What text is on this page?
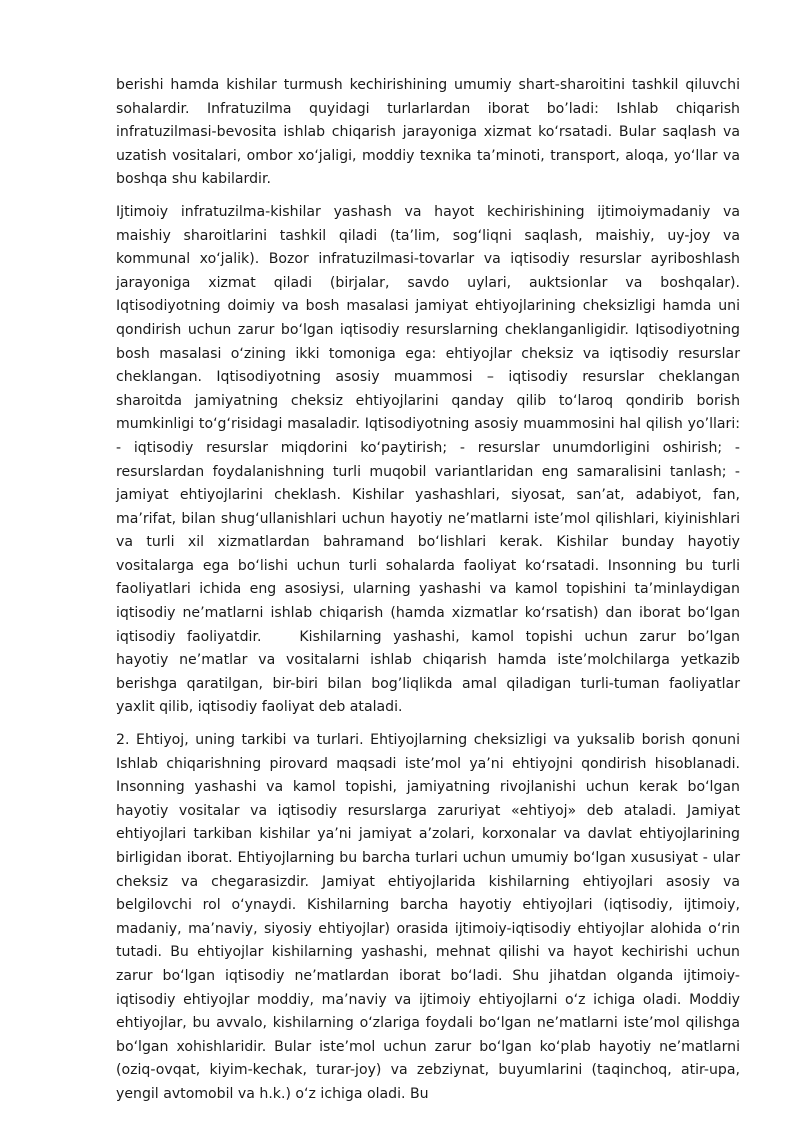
berishi hamda kishilar turmush kechirishining umumiy shart-sharoitini tashkil qiluvchi sohalardir. Infratuzilma quyidagi turlarlardan iborat bo’ladi: Ishlab chiqarish infratuzilmasi-bevosita ishlab chiqarish jarayoniga xizmat ko‘rsatadi. Bular saqlash va uzatish vositalari, ombor xo‘jaligi, moddiy texnika ta’minoti, transport, aloqa, yo‘llar va boshqa shu kabilardir.

Ijtimoiy infratuzilma-kishilar yashash va hayot kechirishining ijtimoiymadaniy va maishiy sharoitlarini tashkil qiladi (ta’lim, sog‘liqni saqlash, maishiy, uy-joy va kommunal xo‘jalik). Bozor infratuzilmasi-tovarlar va iqtisodiy resurslar ayriboshlash jarayoniga xizmat qiladi (birjalar, savdo uylari, auktsionlar va boshqalar). Iqtisodiyotning doimiy va bosh masalasi jamiyat ehtiyojlarining cheksizligi hamda uni qondirish uchun zarur bo‘lgan iqtisodiy resurslarning cheklanganligidir. Iqtisodiyotning bosh masalasi o‘zining ikki tomoniga ega: ehtiyojlar cheksiz va iqtisodiy resurslar cheklangan. Iqtisodiyotning asosiy muammosi – iqtisodiy resurslar cheklangan sharoitda jamiyatning cheksiz ehtiyojlarini qanday qilib to‘laroq qondirib borish mumkinligi to‘g‘risidagi masaladir. Iqtisodiyotning asosiy muammosini hal qilish yo’llari: - iqtisodiy resurslar miqdorini ko‘paytirish; - resurslar unumdorligini oshirish; - resurslardan foydalanishning turli muqobil variantlaridan eng samaralisini tanlash; - jamiyat ehtiyojlarini cheklash. Kishilar yashashlari, siyosat, san’at, adabiyot, fan, ma’rifat, bilan shug‘ullanishlari uchun hayotiy ne’matlarni iste’mol qilishlari, kiyinishlari va turli xil xizmatlardan bahramand bo‘lishlari kerak. Kishilar bunday hayotiy vositalarga ega bo‘lishi uchun turli sohalarda faoliyat ko‘rsatadi. Insonning bu turli faoliyatlari ichida eng asosiysi, ularning yashashi va kamol topishini ta’minlaydigan iqtisodiy ne’matlarni ishlab chiqarish (hamda xizmatlar ko‘rsatish) dan iborat bo‘lgan iqtisodiy faoliyatdir.	Kishilarning yashashi, kamol topishi uchun zarur bo’lgan hayotiy ne’matlar va vositalarni ishlab chiqarish hamda iste’molchilarga yetkazib berishga qaratilgan, bir-biri bilan bog’liqlikda amal qiladigan turli-tuman faoliyatlar yaxlit qilib, iqtisodiy faoliyat deb ataladi.

2. Ehtiyoj, uning tarkibi va turlari. Ehtiyojlarning cheksizligi va yuksalib borish qonuni Ishlab chiqarishning pirovard maqsadi iste’mol ya’ni ehtiyojni qondirish hisoblanadi. Insonning yashashi va kamol topishi, jamiyatning rivojlanishi uchun kerak bo‘lgan hayotiy vositalar va iqtisodiy resurslarga zaruriyat «ehtiyoj» deb ataladi. Jamiyat ehtiyojlari tarkiban kishilar ya’ni jamiyat a’zolari, korxonalar va davlat ehtiyojlarining birligidan iborat. Ehtiyojlarning bu barcha turlari uchun umumiy bo‘lgan xususiyat - ular cheksiz va chegarasizdir. Jamiyat ehtiyojlarida kishilarning ehtiyojlari asosiy va belgilovchi rol o‘ynaydi. Kishilarning barcha hayotiy ehtiyojlari (iqtisodiy, ijtimoiy, madaniy, ma’naviy, siyosiy ehtiyojlar) orasida ijtimoiy-iqtisodiy ehtiyojlar alohida o‘rin tutadi. Bu ehtiyojlar kishilarning yashashi, mehnat qilishi va hayot kechirishi uchun zarur bo‘lgan iqtisodiy ne’matlardan iborat bo‘ladi. Shu jihatdan olganda ijtimoiy-iqtisodiy ehtiyojlar moddiy, ma’naviy va ijtimoiy ehtiyojlarni o‘z ichiga oladi. Moddiy ehtiyojlar, bu avvalo, kishilarning o‘zlariga foydali bo‘lgan ne’matlarni iste’mol qilishga bo‘lgan xohishlaridir. Bular iste’mol uchun zarur bo‘lgan ko‘plab hayotiy ne’matlarni (oziq-ovqat, kiyim-kechak, turar-joy) va zebziynat, buyumlarini (taqinchoq, atir-upa, yengil avtomobil va h.k.) o‘z ichiga oladi. Bu
